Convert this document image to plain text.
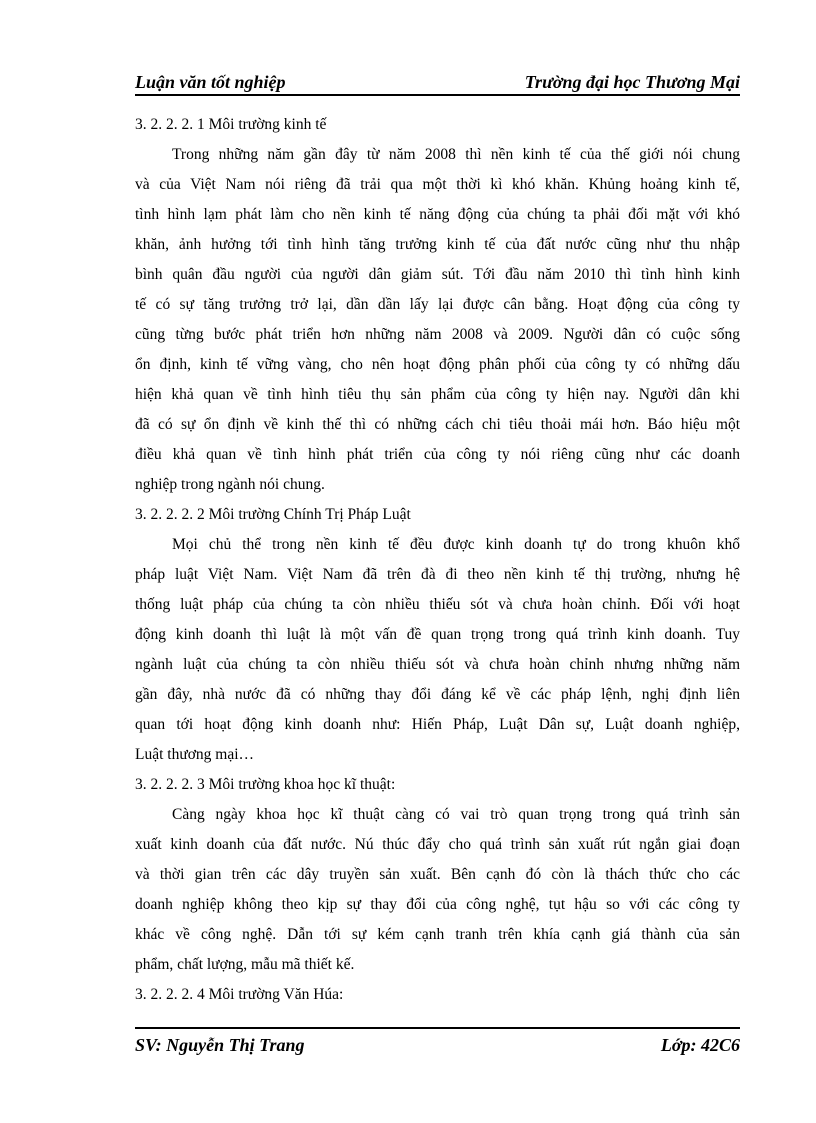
Luận văn tốt nghiệp	Trường đại học Thương Mại
3. 2. 2. 2. 1 Môi trường kinh tế
Trong những năm gần đây từ năm 2008 thì nền kinh tế của thế giới nói chung
và của Việt Nam nói riêng đã trải qua một thời kì khó khăn. Khủng hoảng kinh tế,
tình hình lạm phát làm cho nền kinh tế năng động của chúng ta phải đối mặt với khó
khăn, ảnh hưởng tới tình hình tăng trưởng kinh tế của đất nước cũng như thu nhập
bình quân đầu người của người dân giảm sút. Tới đầu năm 2010 thì tình hình kinh
tế có sự tăng trưởng trở lại, dần dần lấy lại được cân bằng. Hoạt động của công ty
cũng từng bước phát triển hơn những năm 2008 và 2009. Người dân có cuộc sống
ổn định, kinh tế vững vàng, cho nên hoạt động phân phối của công ty có những dấu
hiện khả quan về tình hình tiêu thụ sản phẩm của công ty hiện nay. Người dân khi
đã có sự ổn định về kinh thế thì có những cách chi tiêu thoải mái hơn. Báo hiệu một
điều khả quan về tình hình phát triển của công ty nói riêng cũng như các doanh
nghiệp trong ngành nói chung.
3. 2. 2. 2. 2 Môi trường Chính Trị Pháp Luật
Mọi chủ thể trong nền kinh tế đều được kinh doanh tự do trong khuôn khổ
pháp luật Việt Nam. Việt Nam đã trên đà đi theo nền kinh tế thị trường, nhưng hệ
thống luật pháp của chúng ta còn nhiều thiếu sót và chưa hoàn chỉnh. Đối với hoạt
động kinh doanh thì luật là một vấn đề quan trọng trong quá trình kinh doanh. Tuy
ngành luật của chúng ta còn nhiều thiếu sót và chưa hoàn chỉnh nhưng những năm
gần đây, nhà nước đã có những thay đổi đáng kể về các pháp lệnh, nghị định liên
quan tới hoạt động kinh doanh như: Hiến Pháp, Luật Dân sự, Luật doanh nghiệp,
Luật thương mại…
3. 2. 2. 2. 3 Môi trường khoa học kĩ thuật:
Càng ngày khoa học kĩ thuật càng có vai trò quan trọng trong quá trình sản
xuất kinh doanh của đất nước. Nú thúc đẩy cho quá trình sản xuất rút ngắn giai đoạn
và thời gian trên các dây truyền sản xuất. Bên cạnh đó còn là thách thức cho các
doanh nghiệp không theo kịp sự thay đổi của công nghệ, tụt hậu so với các công ty
khác về công nghệ. Dẫn tới sự kém cạnh tranh trên khía cạnh giá thành của sản
phẩm, chất lượng, mẫu mã thiết kế.
3. 2. 2. 2. 4 Môi trường Văn Húa:
SV: Nguyễn Thị Trang	Lớp: 42C6
